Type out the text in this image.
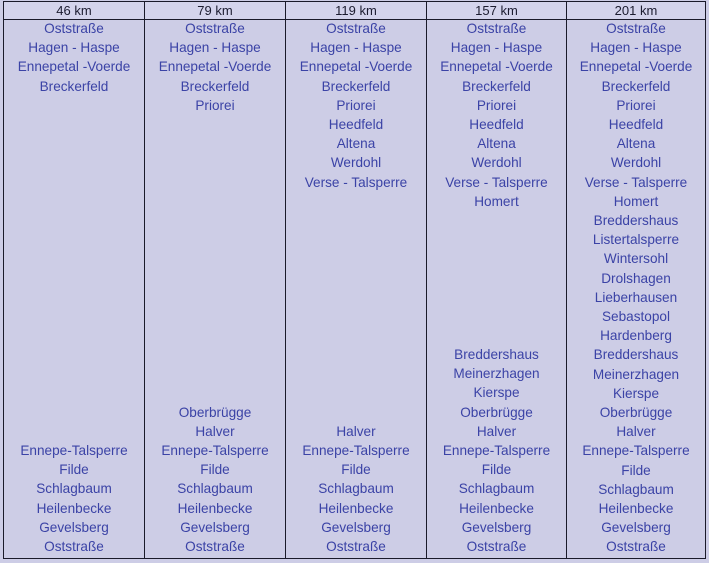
46 km
Oststraße
Hagen - Haspe
Ennepetal -Voerde
Breckerfeld
Ennepe-Talsperre
Filde
Schlagbaum
Heilenbecke
Gevelsberg
Oststraße
79 km
Oststraße
Hagen - Haspe
Ennepetal -Voerde
Breckerfeld
Priorei
Oberbrügge
Halver
Ennepe-Talsperre
Filde
Schlagbaum
Heilenbecke
Gevelsberg
Oststraße
119 km
Oststraße
Hagen - Haspe
Ennepetal -Voerde
Breckerfeld
Priorei
Heedfeld
Altena
Werdohl
Verse - Talsperre
Halver
Ennepe-Talsperre
Filde
Schlagbaum
Heilenbecke
Gevelsberg
Oststraße
157 km
Oststraße
Hagen - Haspe
Ennepetal -Voerde
Breckerfeld
Priorei
Heedfeld
Altena
Werdohl
Verse - Talsperre
Homert
Breddershaus
Meinerzhagen
Kierspe
Oberbrügge
Halver
Ennepe-Talsperre
Filde
Schlagbaum
Heilenbecke
Gevelsberg
Oststraße
201 km
Oststraße
Hagen - Haspe
Ennepetal -Voerde
Breckerfeld
Priorei
Heedfeld
Altena
Werdohl
Verse - Talsperre
Homert
Breddershaus
Listertalsperre
Wintersohl
Drolshagen
Lieberhausen
Sebastopol
Hardenberg
Breddershaus
Meinerzhagen
Kierspe
Oberbrügge
Halver
Ennepe-Talsperre
Filde
Schlagbaum
Heilenbecke
Gevelsberg
Oststraße
